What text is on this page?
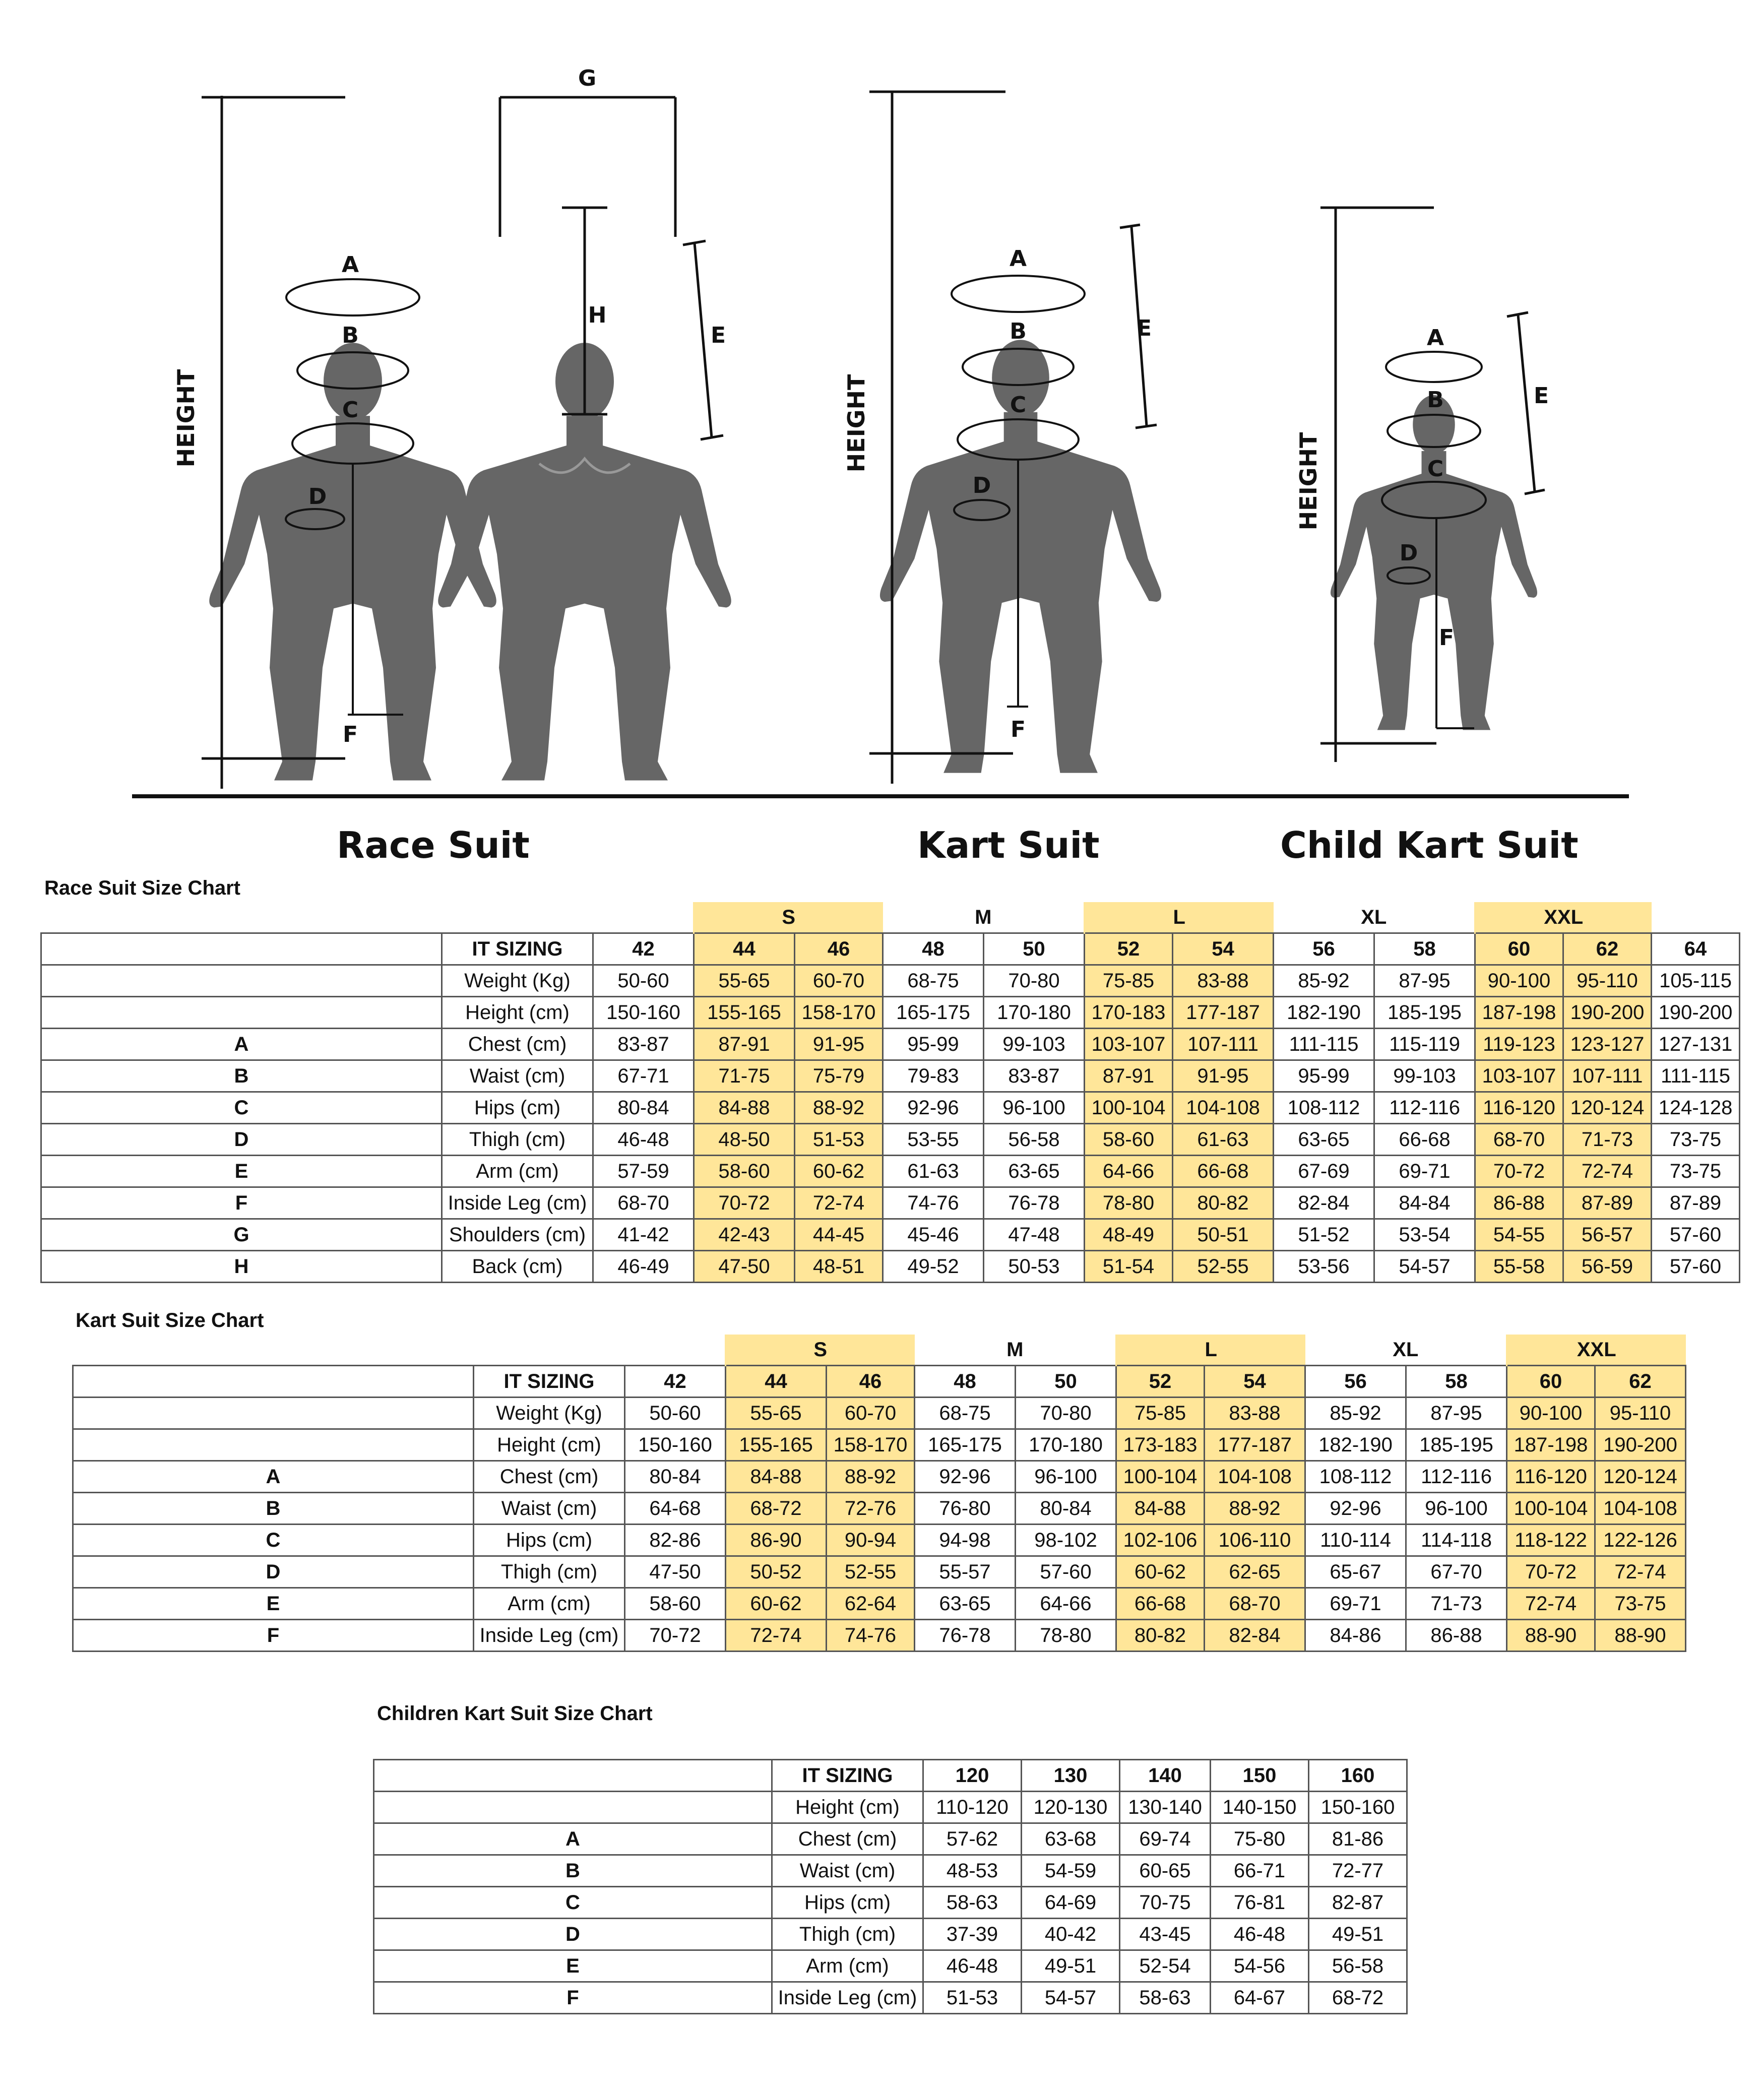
HEIGHT
A
B
C
D
F
G
H
E
HEIGHT
A
B
C
D
E
F
HEIGHT
A
B
C
D
E
F
Race Suit	Kart Suit	Child Kart Suit
Race Suit Size Chart
			S		M		L		XL		XXL		
	IT SIZING	42	44	46	48	50	52	54	56	58	60	62	64
	Weight (Kg)	50-60	55-65	60-70	68-75	70-80	75-85	83-88	85-92	87-95	90-100	95-110	105-115
	Height (cm)	150-160	155-165	158-170	165-175	170-180	170-183	177-187	182-190	185-195	187-198	190-200	190-200
A	Chest (cm)	83-87	87-91	91-95	95-99	99-103	103-107	107-111	111-115	115-119	119-123	123-127	127-131
B	Waist (cm)	67-71	71-75	75-79	79-83	83-87	87-91	91-95	95-99	99-103	103-107	107-111	111-115
C	Hips (cm)	80-84	84-88	88-92	92-96	96-100	100-104	104-108	108-112	112-116	116-120	120-124	124-128
D	Thigh (cm)	46-48	48-50	51-53	53-55	56-58	58-60	61-63	63-65	66-68	68-70	71-73	73-75
E	Arm (cm)	57-59	58-60	60-62	61-63	63-65	64-66	66-68	67-69	69-71	70-72	72-74	73-75
F	Inside Leg (cm)	68-70	70-72	72-74	74-76	76-78	78-80	80-82	82-84	84-84	86-88	87-89	87-89
G	Shoulders (cm)	41-42	42-43	44-45	45-46	47-48	48-49	50-51	51-52	53-54	54-55	56-57	57-60
H	Back (cm)	46-49	47-50	48-51	49-52	50-53	51-54	52-55	53-56	54-57	55-58	56-59	57-60
Kart Suit Size Chart
			S		M		L		XL		XXL	
	IT SIZING	42	44	46	48	50	52	54	56	58	60	62
	Weight (Kg)	50-60	55-65	60-70	68-75	70-80	75-85	83-88	85-92	87-95	90-100	95-110
	Height (cm)	150-160	155-165	158-170	165-175	170-180	173-183	177-187	182-190	185-195	187-198	190-200
A	Chest (cm)	80-84	84-88	88-92	92-96	96-100	100-104	104-108	108-112	112-116	116-120	120-124
B	Waist (cm)	64-68	68-72	72-76	76-80	80-84	84-88	88-92	92-96	96-100	100-104	104-108
C	Hips (cm)	82-86	86-90	90-94	94-98	98-102	102-106	106-110	110-114	114-118	118-122	122-126
D	Thigh (cm)	47-50	50-52	52-55	55-57	57-60	60-62	62-65	65-67	67-70	70-72	72-74
E	Arm (cm)	58-60	60-62	62-64	63-65	64-66	66-68	68-70	69-71	71-73	72-74	73-75
F	Inside Leg (cm)	70-72	72-74	74-76	76-78	78-80	80-82	82-84	84-86	86-88	88-90	88-90
Children Kart Suit Size Chart
	IT SIZING	120	130	140	150	160
	Height (cm)	110-120	120-130	130-140	140-150	150-160
A	Chest (cm)	57-62	63-68	69-74	75-80	81-86
B	Waist (cm)	48-53	54-59	60-65	66-71	72-77
C	Hips (cm)	58-63	64-69	70-75	76-81	82-87
D	Thigh (cm)	37-39	40-42	43-45	46-48	49-51
E	Arm (cm)	46-48	49-51	52-54	54-56	56-58
F	Inside Leg (cm)	51-53	54-57	58-63	64-67	68-72
